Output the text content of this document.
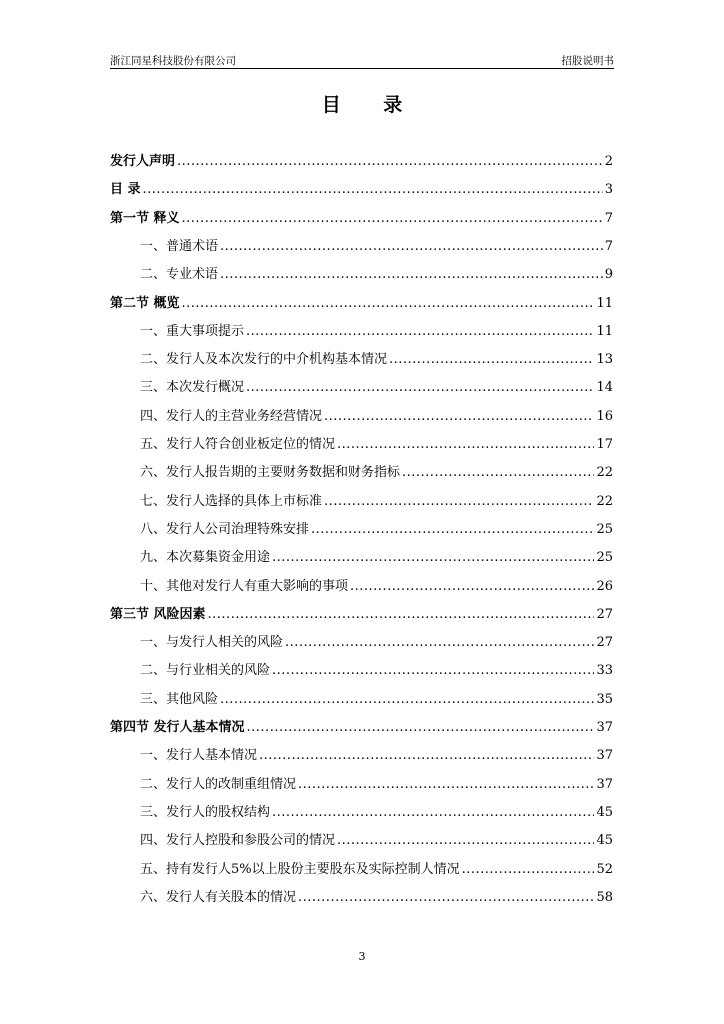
浙江同星科技股份有限公司	招股说明书
目 录
发行人声明 .....	2
目 录 .....	3
第一节 释义 .....	7
一、普通术语 .....	7
二、专业术语 .....	9
第二节 概览 .....	11
一、重大事项提示 .....	11
二、发行人及本次发行的中介机构基本情况 .....	13
三、本次发行概况 .....	14
四、发行人的主营业务经营情况 .....	16
五、发行人符合创业板定位的情况 .....	17
六、发行人报告期的主要财务数据和财务指标 .....	22
七、发行人选择的具体上市标准 .....	22
八、发行人公司治理特殊安排 .....	25
九、本次募集资金用途 .....	25
十、其他对发行人有重大影响的事项 .....	26
第三节 风险因素 .....	27
一、与发行人相关的风险 .....	27
二、与行业相关的风险 .....	33
三、其他风险 .....	35
第四节 发行人基本情况 .....	37
一、发行人基本情况 .....	37
二、发行人的改制重组情况 .....	37
三、发行人的股权结构 .....	45
四、发行人控股和参股公司的情况 .....	45
五、持有发行人5%以上股份主要股东及实际控制人情况 .....	52
六、发行人有关股本的情况 .....	58
3
